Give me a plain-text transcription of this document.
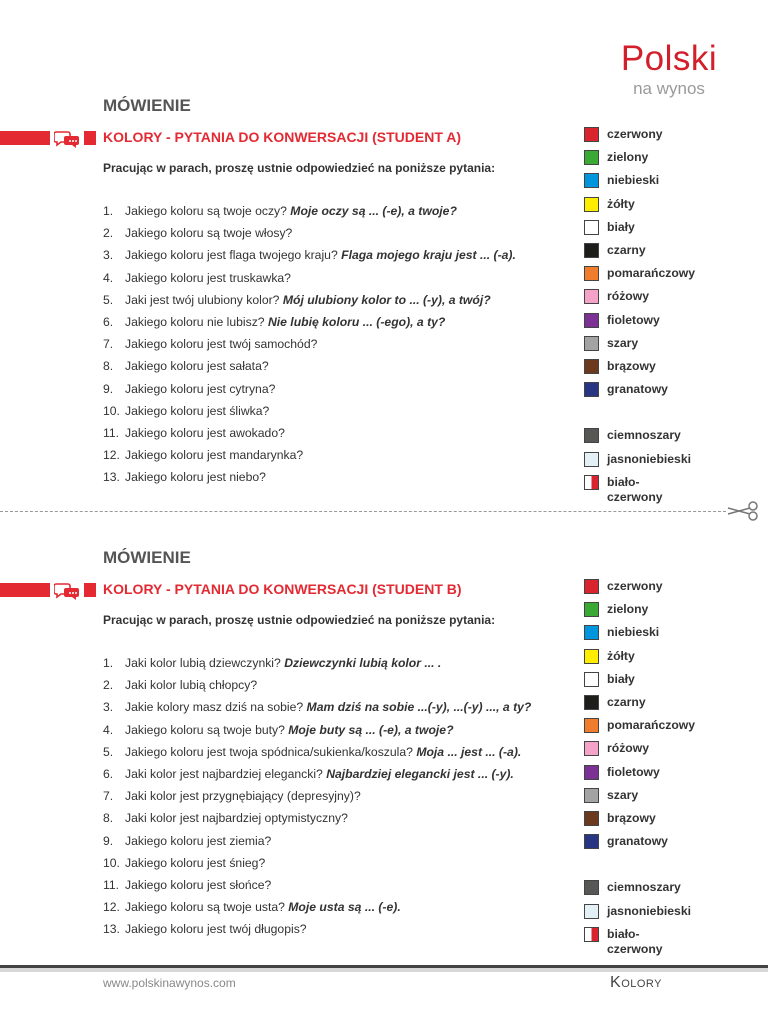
Polski
na wynos
MÓWIENIE
KOLORY - PYTANIA DO KONWERSACJI (STUDENT A)
Pracując w parach, proszę ustnie odpowiedzieć na poniższe pytania:
1. Jakiego koloru są twoje oczy? Moje oczy są ... (-e), a twoje?
2. Jakiego koloru są twoje włosy?
3. Jakiego koloru jest flaga twojego kraju? Flaga mojego kraju jest ... (-a).
4. Jakiego koloru jest truskawka?
5. Jaki jest twój ulubiony kolor? Mój ulubiony kolor to ... (-y), a twój?
6. Jakiego koloru nie lubisz? Nie lubię koloru ... (-ego), a ty?
7. Jakiego koloru jest twój samochód?
8. Jakiego koloru jest sałata?
9. Jakiego koloru jest cytryna?
10. Jakiego koloru jest śliwka?
11. Jakiego koloru jest awokado?
12. Jakiego koloru jest mandarynka?
13. Jakiego koloru jest niebo?
czerwony
zielony
niebieski
żółty
biały
czarny
pomarańczowy
różowy
fioletowy
szary
brązowy
granatowy
ciemnoszary
jasnoniebieski
biało-czerwony
MÓWIENIE
KOLORY - PYTANIA DO KONWERSACJI (STUDENT B)
Pracując w parach, proszę ustnie odpowiedzieć na poniższe pytania:
1. Jaki kolor lubią dziewczynki? Dziewczynki lubią kolor ... .
2. Jaki kolor lubią chłopcy?
3. Jakie kolory masz dziś na sobie? Mam dziś na sobie ...(-y), ...(-y) ..., a ty?
4. Jakiego koloru są twoje buty? Moje buty są ... (-e), a twoje?
5. Jakiego koloru jest twoja spódnica/sukienka/koszula? Moja ... jest ... (-a).
6. Jaki kolor jest najbardziej elegancki? Najbardziej elegancki jest ... (-y).
7. Jaki kolor jest przygnębiający (depresyjny)?
8. Jaki kolor jest najbardziej optymistyczny?
9. Jakiego koloru jest ziemia?
10. Jakiego koloru jest śnieg?
11. Jakiego koloru jest słońce?
12. Jakiego koloru są twoje usta? Moje usta są ... (-e).
13. Jakiego koloru jest twój długopis?
czerwony
zielony
niebieski
żółty
biały
czarny
pomarańczowy
różowy
fioletowy
szary
brązowy
granatowy
ciemnoszary
jasnoniebieski
biało-czerwony
www.polskinawynos.com	Kolory
